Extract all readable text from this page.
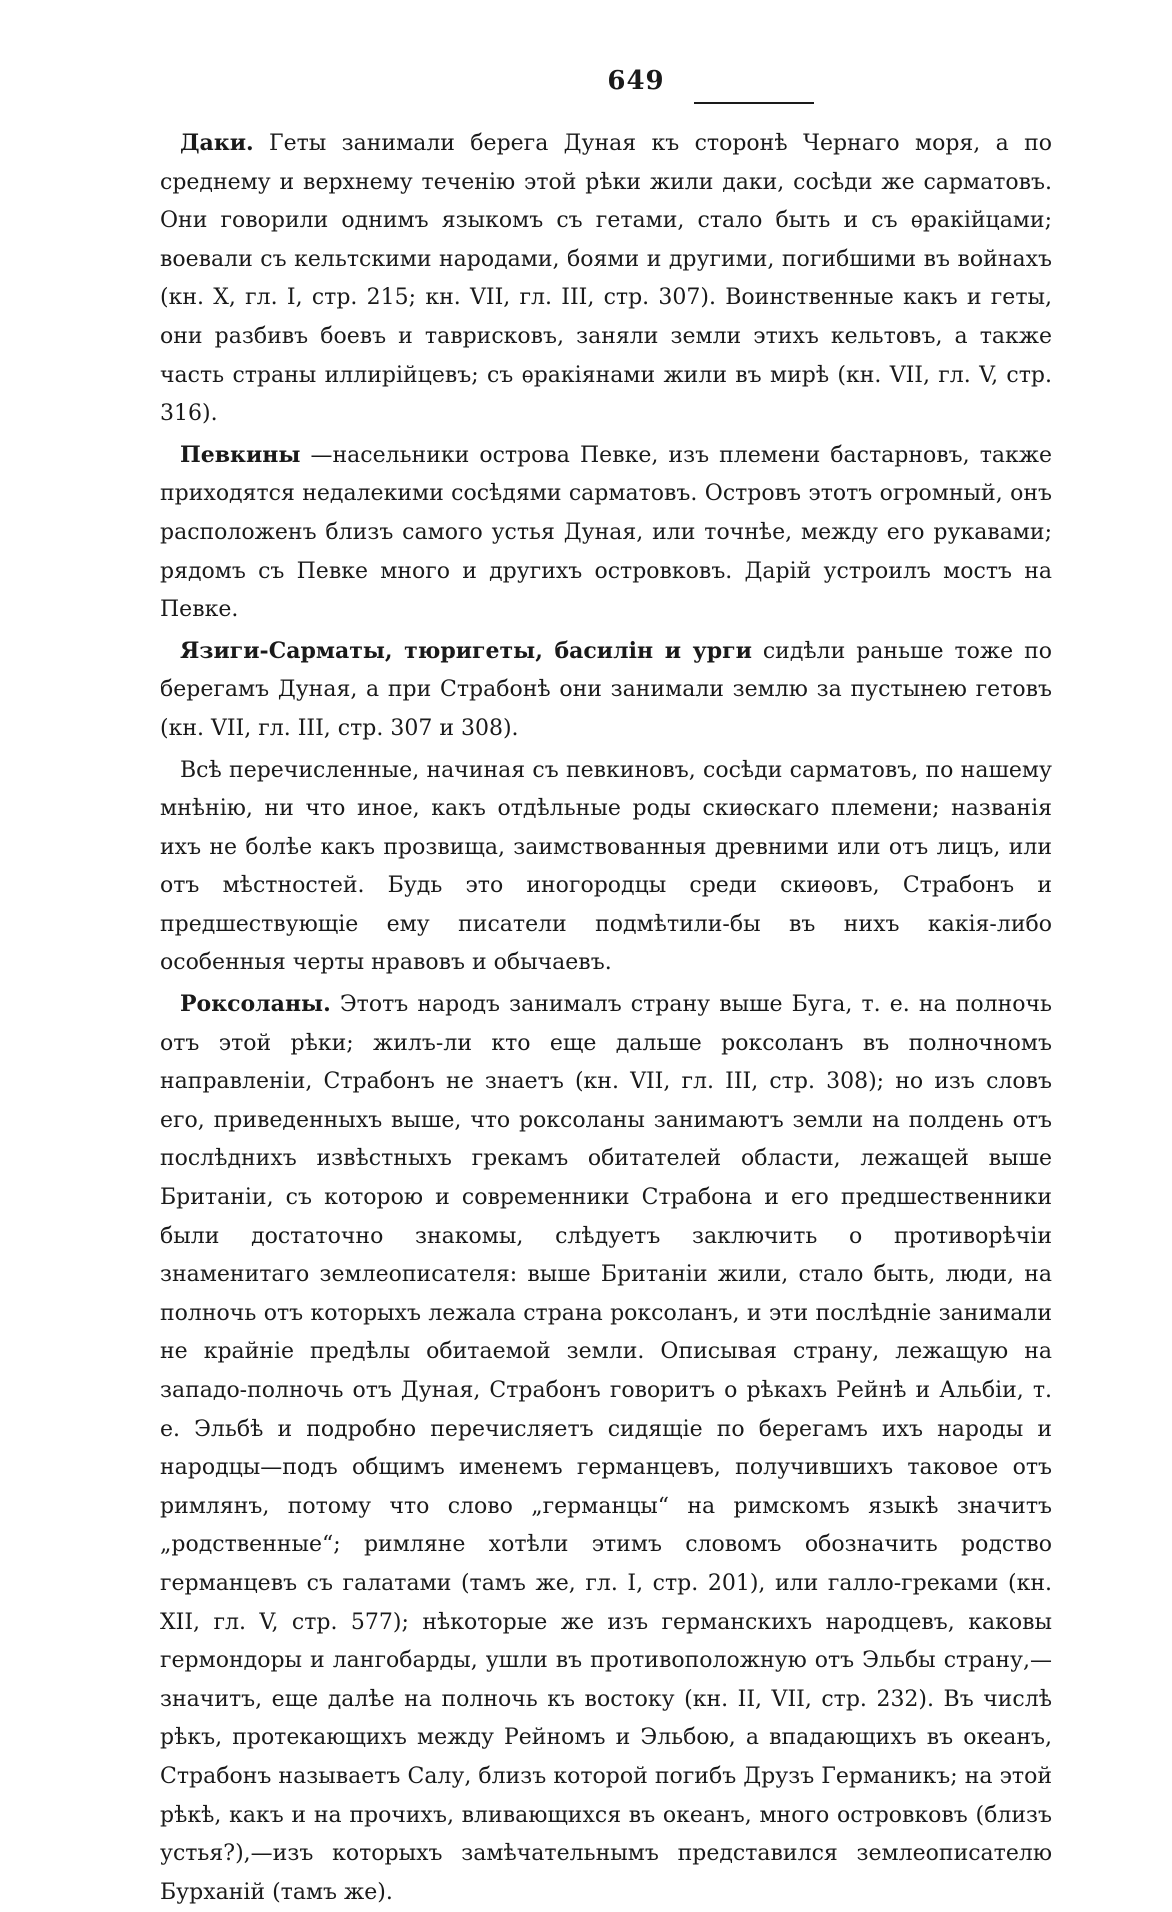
649

Даки. Геты занимали берега Дуная къ сторонѣ Чернаго моря, а по среднему и верхнему теченію этой рѣки жили даки, сосѣди же сарматовъ. Они говорили однимъ языкомъ съ гетами, стало быть и съ ѳракійцами; воевали съ кельтскими народами, боями и другими, погибшими въ войнахъ (кн. X, гл. I, стр. 215; кн. VII, гл. III, стр. 307). Воинственные какъ и геты, они разбивъ боевъ и таврисковъ, заняли земли этихъ кельтовъ, а также часть страны иллирійцевъ; съ ѳракіянами жили въ мирѣ (кн. VII, гл. V, стр. 316).

Певкины —насельники острова Певке, изъ племени бастарновъ, также приходятся недалекими сосѣдями сарматовъ. Островъ этотъ огромный, онъ расположенъ близъ самого устья Дуная, или точнѣе, между его рукавами; рядомъ съ Певке много и другихъ островковъ. Дарій устроилъ мостъ на Певке.

Язиги-Сарматы, тюригеты, басилін и урги сидѣли раньше тоже по берегамъ Дуная, а при Страбонѣ они занимали землю за пустынею гетовъ (кн. VII, гл. III, стр. 307 и 308).

Всѣ перечисленные, начиная съ певкиновъ, сосѣди сарматовъ, по нашему мнѣнію, ни что иное, какъ отдѣльные роды скиѳскаго племени; названія ихъ не болѣе какъ прозвища, заимствованныя древними или отъ лицъ, или отъ мѣстностей. Будь это иногородцы среди скиѳовъ, Страбонъ и предшествующіе ему писатели подмѣтили-бы въ нихъ какія-либо особенныя черты нравовъ и обычаевъ.

Роксоланы. Этотъ народъ занималъ страну выше Буга, т. е. на полночь отъ этой рѣки; жилъ-ли кто еще дальше роксоланъ въ полночномъ направленіи, Страбонъ не знаетъ (кн. VII, гл. III, стр. 308); но изъ словъ его, приведенныхъ выше, что роксоланы занимаютъ земли на полдень отъ послѣднихъ извѣстныхъ грекамъ обитателей области, лежащей выше Британіи, съ которою и современники Страбона и его предшественники были достаточно знакомы, слѣдуетъ заключить о противорѣчіи знаменитаго землеописателя: выше Британіи жили, стало быть, люди, на полночь отъ которыхъ лежала страна роксоланъ, и эти послѣдніе занимали не крайніе предѣлы обитаемой земли. Описывая страну, лежащую на западо-полночь отъ Дуная, Страбонъ говоритъ о рѣкахъ Рейнѣ и Альбіи, т. е. Эльбѣ и подробно перечисляетъ сидящіе по берегамъ ихъ народы и народцы—подъ общимъ именемъ германцевъ, получившихъ таковое отъ римлянъ, потому что слово „германцы“ на римскомъ языкѣ значитъ „родственные“; римляне хотѣли этимъ словомъ обозначить родство германцевъ съ галатами (тамъ же, гл. I, стр. 201), или галло-греками (кн. XII, гл. V, стр. 577); нѣкоторые же изъ германскихъ народцевъ, каковы гермондоры и лангобарды, ушли въ противоположную отъ Эльбы страну,—значитъ, еще далѣе на полночь къ востоку (кн. II, VII, стр. 232). Въ числѣ рѣкъ, протекающихъ между Рейномъ и Эльбою, а впадающихъ въ океанъ, Страбонъ называетъ Салу, близъ которой погибъ Друзъ Германикъ; на этой рѣкѣ, какъ и на прочихъ, вливающихся въ океанъ, много островковъ (близъ устья?),—изъ которыхъ замѣчательнымъ представился землеописателю Бурханій (тамъ же).
